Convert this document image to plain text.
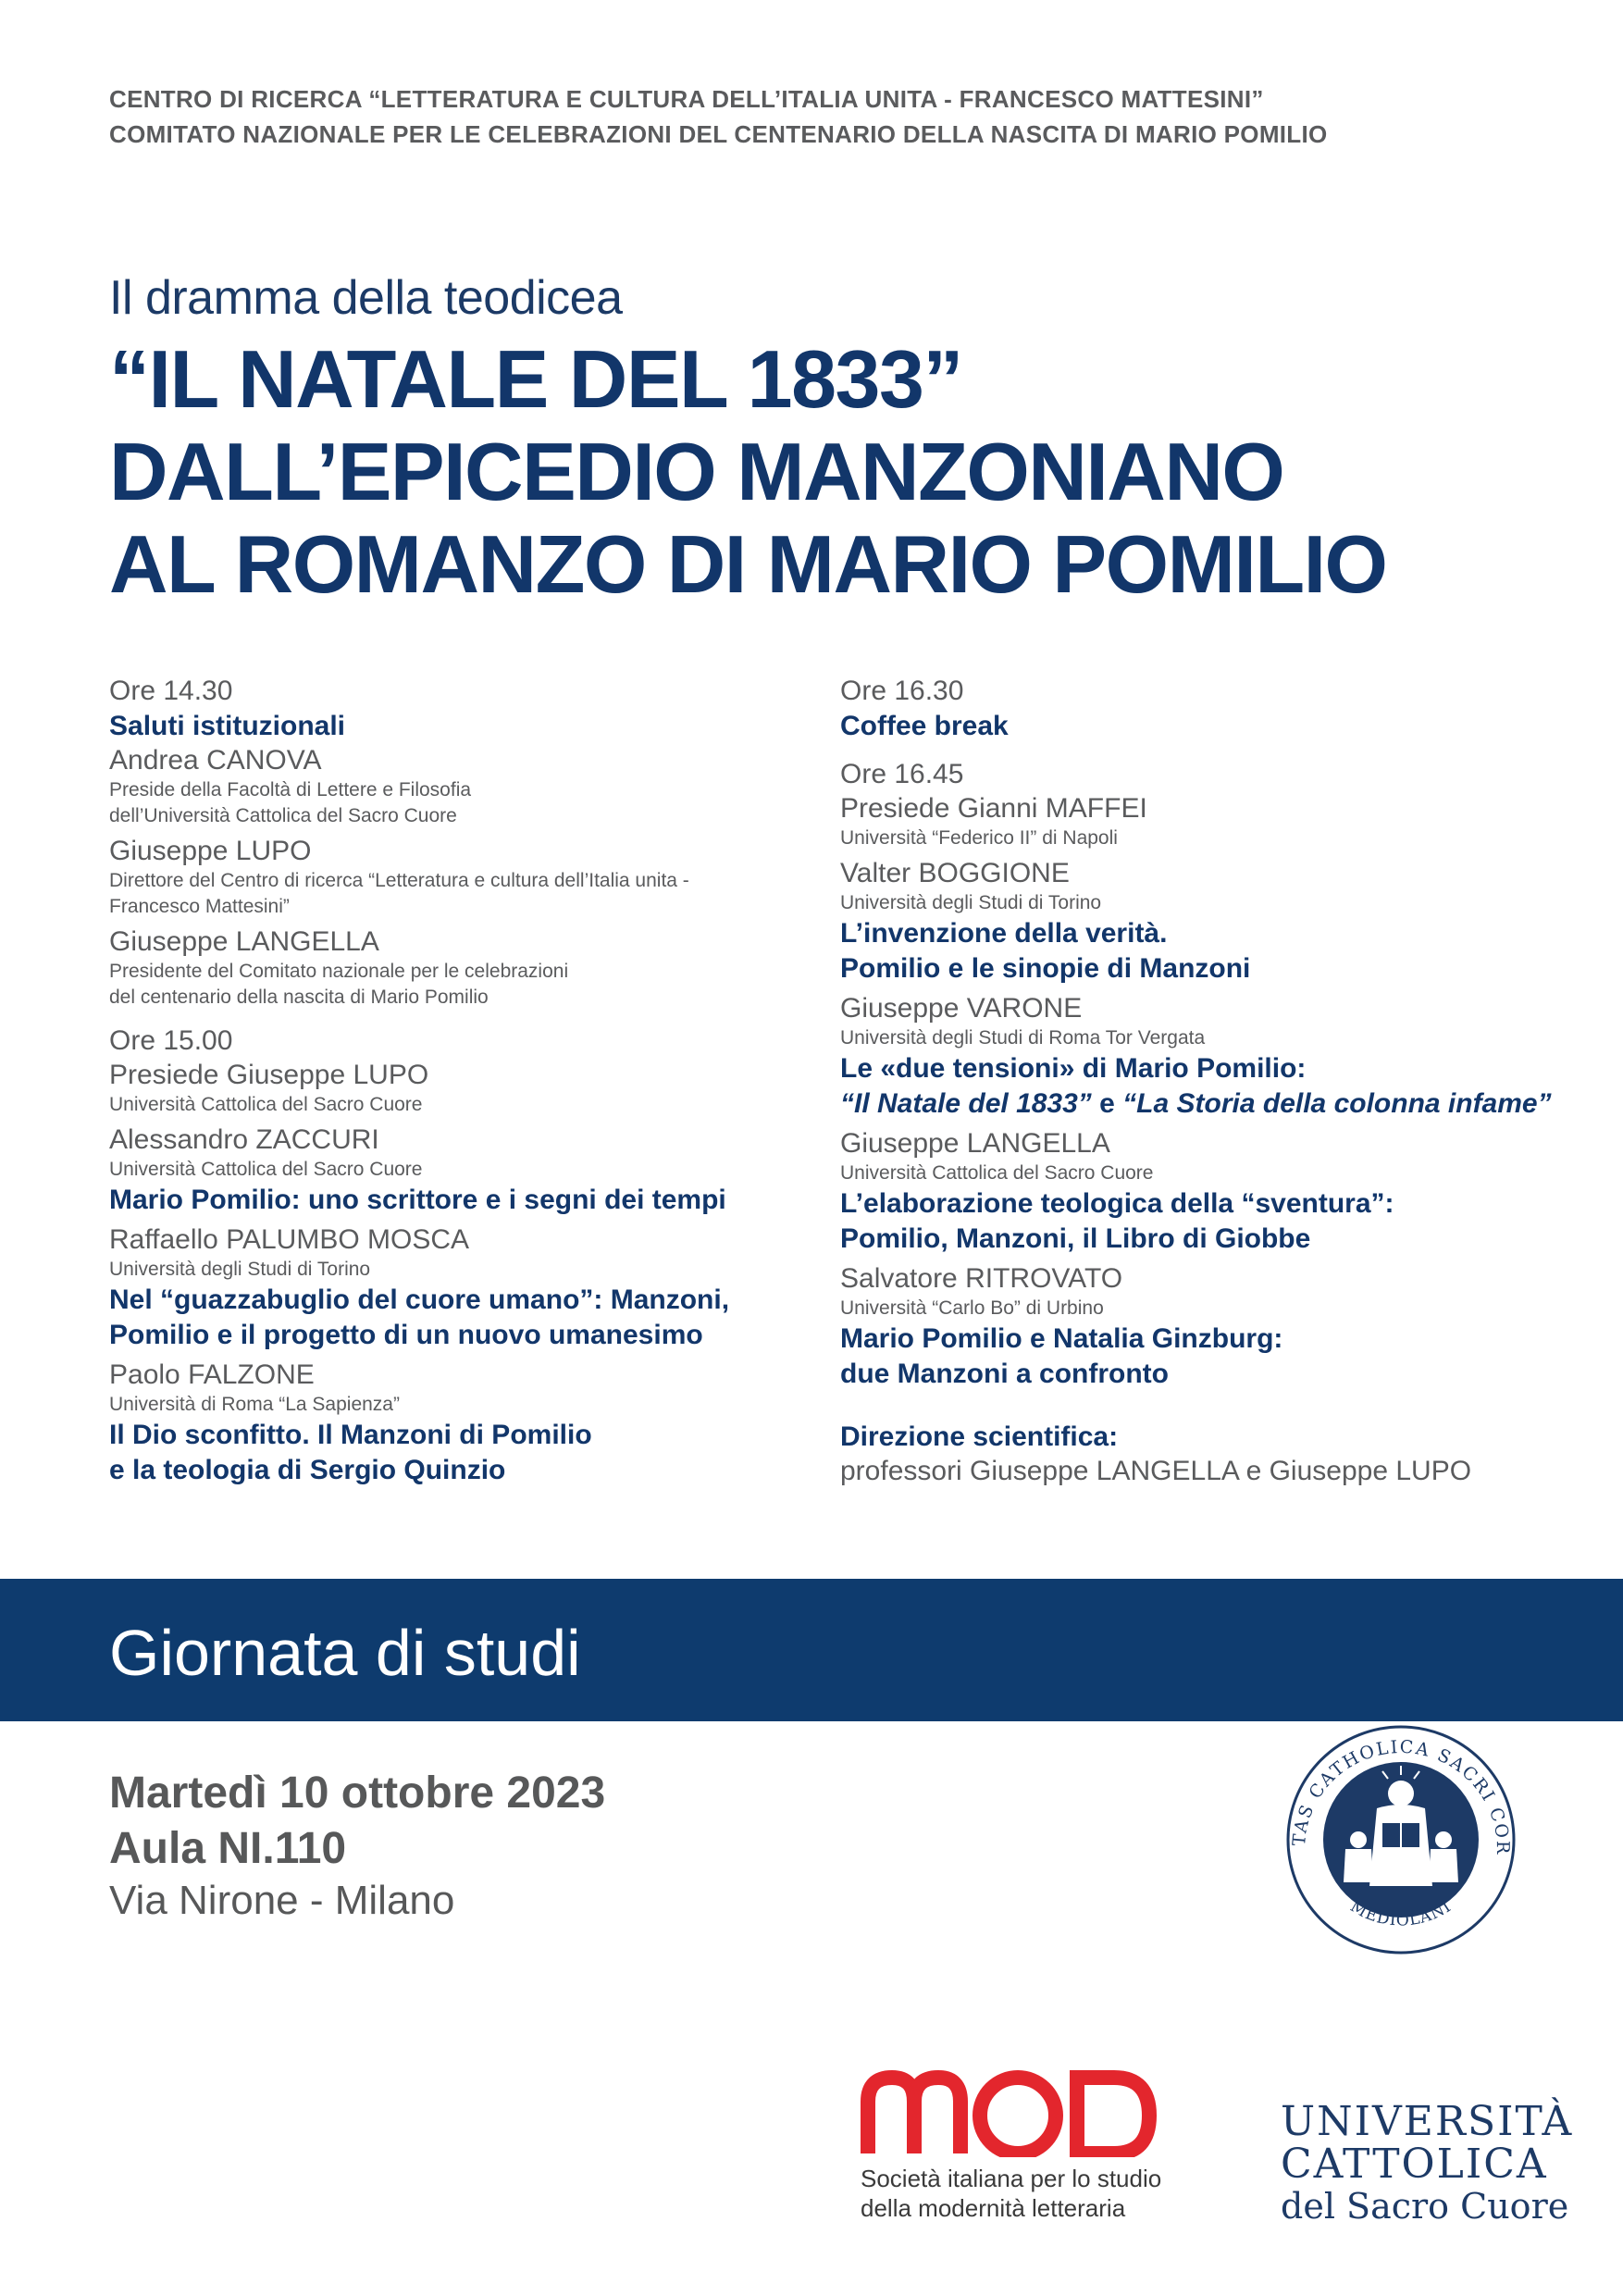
CENTRO DI RICERCA “LETTERATURA E CULTURA DELL’ITALIA UNITA - FRANCESCO MATTESINI”
COMITATO NAZIONALE PER LE CELEBRAZIONI DEL CENTENARIO DELLA NASCITA DI MARIO POMILIO
Il dramma della teodicea
“IL NATALE DEL 1833”
DALL’EPICEDIO MANZONIANO
AL ROMANZO DI MARIO POMILIO
Ore 14.30
Saluti istituzionali
Andrea CANOVA
Preside della Facoltà di Lettere e Filosofia
dell’Università Cattolica del Sacro Cuore
Giuseppe LUPO
Direttore del Centro di ricerca “Letteratura e cultura dell’Italia unita -
Francesco Mattesini”
Giuseppe LANGELLA
Presidente del Comitato nazionale per le celebrazioni
del centenario della nascita di Mario Pomilio
Ore 15.00
Presiede Giuseppe LUPO
Università Cattolica del Sacro Cuore
Alessandro ZACCURI
Università Cattolica del Sacro Cuore
Mario Pomilio: uno scrittore e i segni dei tempi
Raffaello PALUMBO MOSCA
Università degli Studi di Torino
Nel “guazzabuglio del cuore umano”: Manzoni,
Pomilio e il progetto di un nuovo umanesimo
Paolo FALZONE
Università di Roma “La Sapienza”
Il Dio sconfitto. Il Manzoni di Pomilio
e la teologia di Sergio Quinzio
Ore 16.30
Coffee break
Ore 16.45
Presiede Gianni MAFFEI
Università “Federico II” di Napoli
Valter BOGGIONE
Università degli Studi di Torino
L’invenzione della verità.
Pomilio e le sinopie di Manzoni
Giuseppe VARONE
Università degli Studi di Roma Tor Vergata
Le «due tensioni» di Mario Pomilio:
“Il Natale del 1833” e “La Storia della colonna infame”
Giuseppe LANGELLA
Università Cattolica del Sacro Cuore
L’elaborazione teologica della “sventura”:
Pomilio, Manzoni, il Libro di Giobbe
Salvatore RITROVATO
Università “Carlo Bo” di Urbino
Mario Pomilio e Natalia Ginzburg:
due Manzoni a confronto
Direzione scientifica:
professori Giuseppe LANGELLA e Giuseppe LUPO
Giornata di studi
Martedì 10 ottobre 2023
Aula NI.110
Via Nirone - Milano
TAS CATHOLICA SACRI COR
MEDIOLANI
UNIVERSITÀ
CATTOLICA
del Sacro Cuore
Società italiana per lo studio
della modernità letteraria
